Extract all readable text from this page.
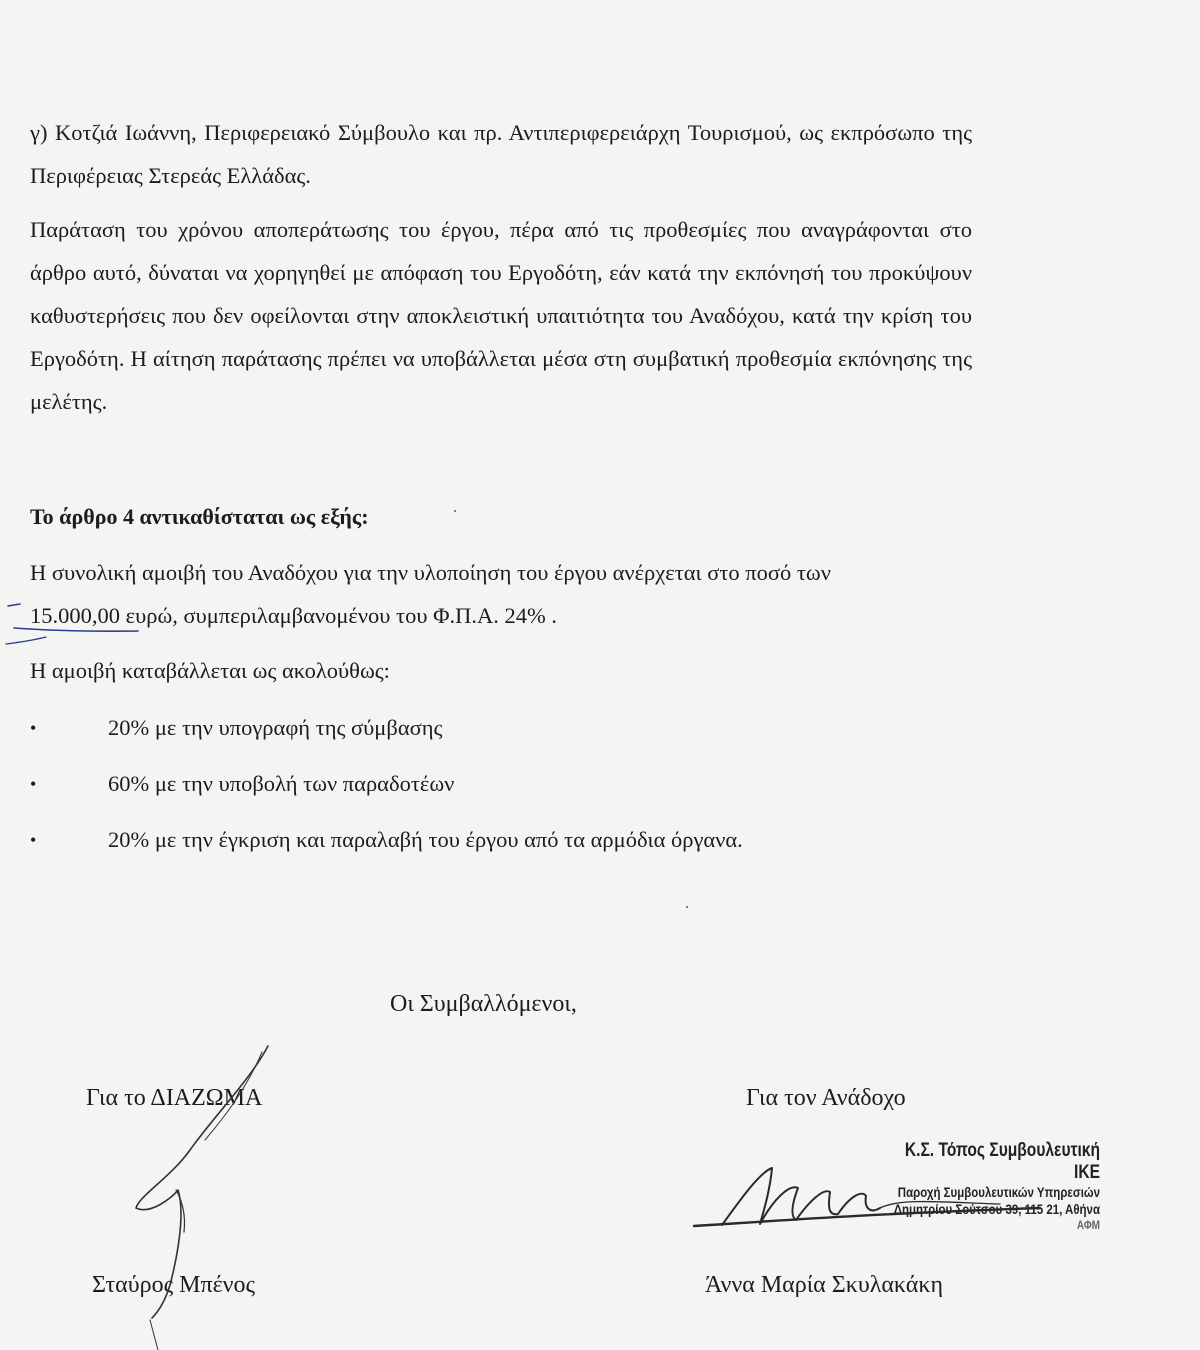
γ) Κοτζιά Ιωάννη, Περιφερειακό Σύμβουλο και πρ. Αντιπεριφερειάρχη Τουρισμού, ως εκπρόσωπο της Περιφέρειας Στερεάς Ελλάδας.

Παράταση του χρόνου αποπεράτωσης του έργου, πέρα από τις προθεσμίες που αναγράφονται στο άρθρο αυτό, δύναται να χορηγηθεί με απόφαση του Εργοδότη, εάν κατά την εκπόνησή του προκύψουν καθυστερήσεις που δεν οφείλονται στην αποκλειστική υπαιτιότητα του Αναδόχου, κατά την κρίση του Εργοδότη. Η αίτηση παράτασης πρέπει να υποβάλλεται μέσα στη συμβατική προθεσμία εκπόνησης της μελέτης.

Το άρθρο 4 αντικαθίσταται ως εξής:

Η συνολική αμοιβή του Αναδόχου για την υλοποίηση του έργου ανέρχεται στο ποσό των

15.000,00 ευρώ, συμπεριλαμβανομένου του Φ.Π.Α. 24% .

Η αμοιβή καταβάλλεται ως ακολούθως:

•	20% με την υπογραφή της σύμβασης
•	60% με την υποβολή των παραδοτέων
•	20% με την έγκριση και παραλαβή του έργου από τα αρμόδια όργανα.
Οι Συμβαλλόμενοι,
Για το ΔΙΑΖΩΜΑ	Για τον Ανάδοχο
Κ.Σ. Τόπος Συμβουλευτική ΙΚΕ
Παροχή Συμβουλευτικών Υπηρεσιών
Δημητρίου Σούτσου 39, 115 21, Αθήνα
ΑΦΜ
Σταύρος Μπένος	Άννα Μαρία Σκυλακάκη
